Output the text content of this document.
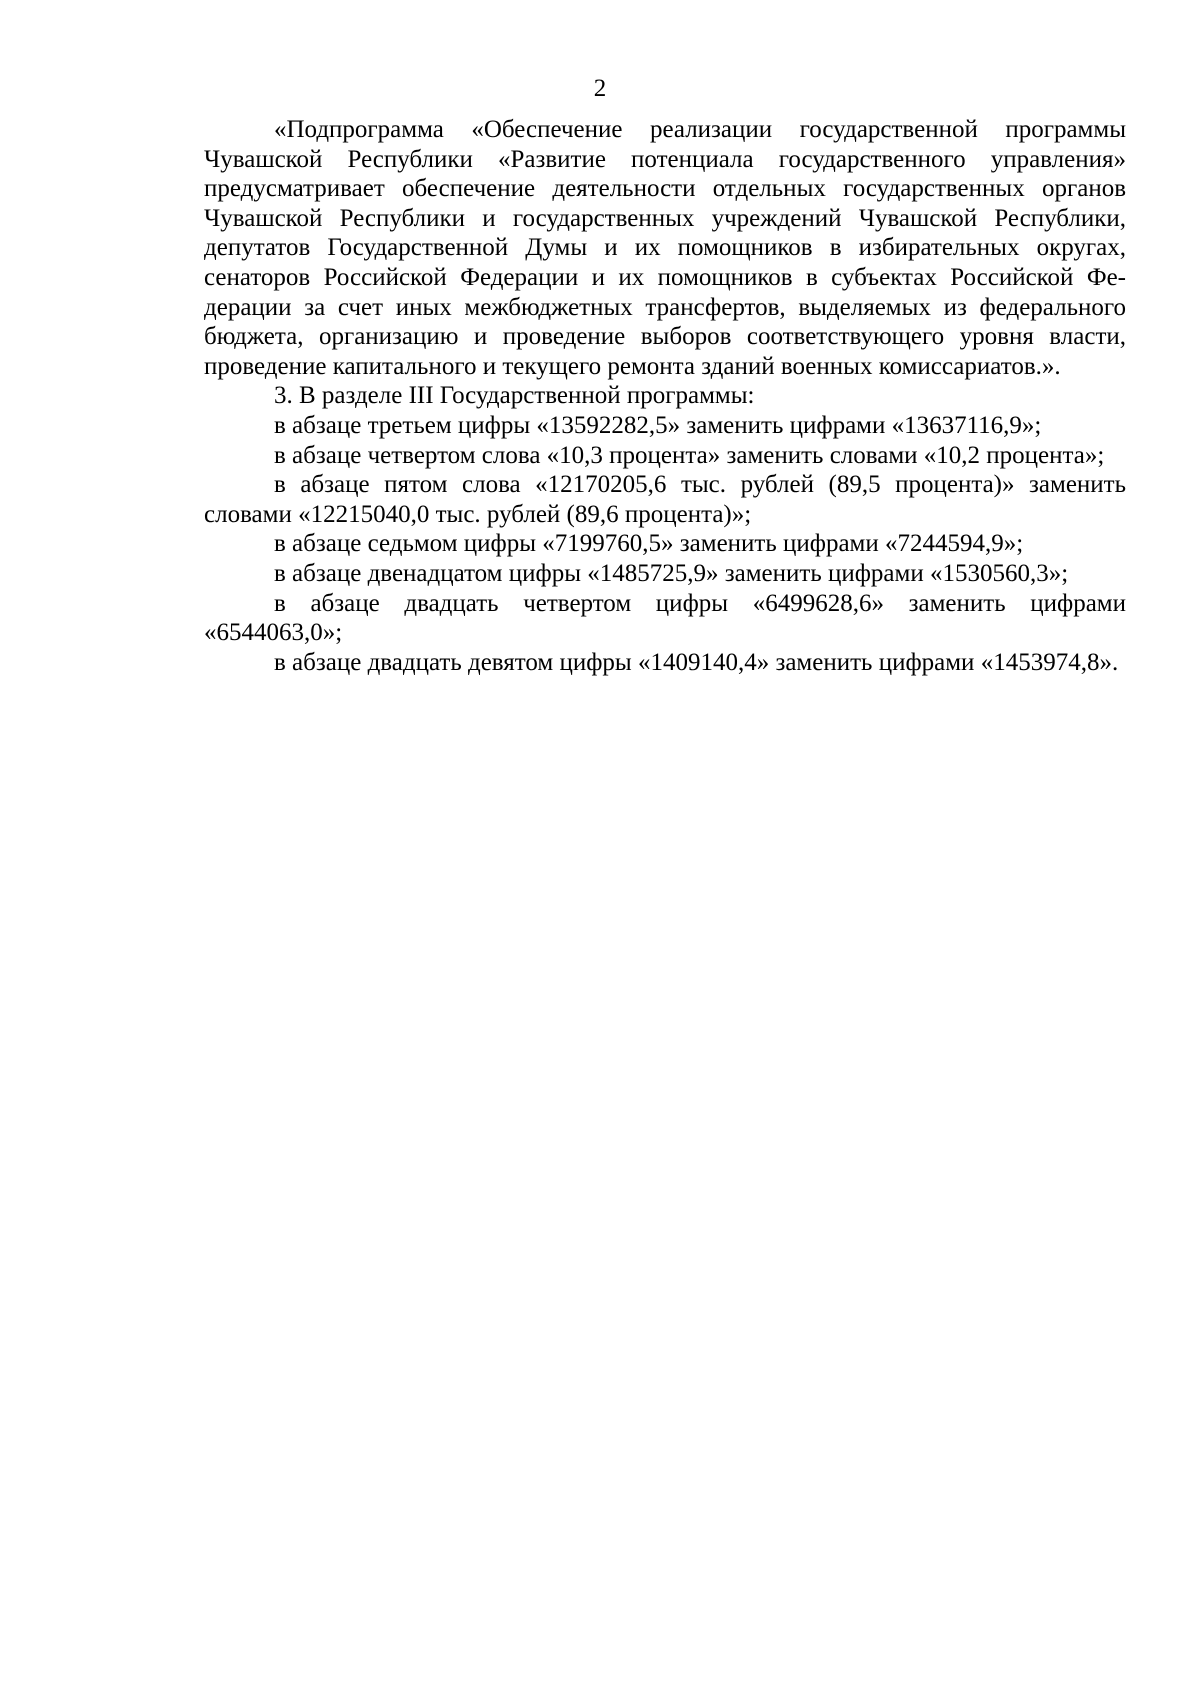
2

«Подпрограмма «Обеспечение реализации государственной программы Чувашской Республики «Развитие потенциала государственного управления» предусматривает обеспечение деятельности отдельных государственных органов Чувашской Республики и государственных учреждений Чувашской Республики, депутатов Государственной Думы и их помощников в избирательных округах, сенаторов Российской Федерации и их помощников в субъектах Российской Федерации за счет иных межбюджетных трансфертов, выделяемых из федерального бюджета, организацию и проведение выборов соответствующего уровня власти, проведение капитального и текущего ремонта зданий военных комиссариатов.».

3. В разделе III Государственной программы:

в абзаце третьем цифры «13592282,5» заменить цифрами «13637116,9»;

в абзаце четвертом слова «10,3 процента» заменить словами «10,2 процента»;

в абзаце пятом слова «12170205,6 тыс. рублей (89,5 процента)» заменить словами «12215040,0 тыс. рублей (89,6 процента)»;

в абзаце седьмом цифры «7199760,5» заменить цифрами «7244594,9»;

в абзаце двенадцатом цифры «1485725,9» заменить цифрами «1530560,3»;

в абзаце двадцать четвертом цифры «6499628,6» заменить цифрами «6544063,0»;

в абзаце двадцать девятом цифры «1409140,4» заменить цифрами «1453974,8».
